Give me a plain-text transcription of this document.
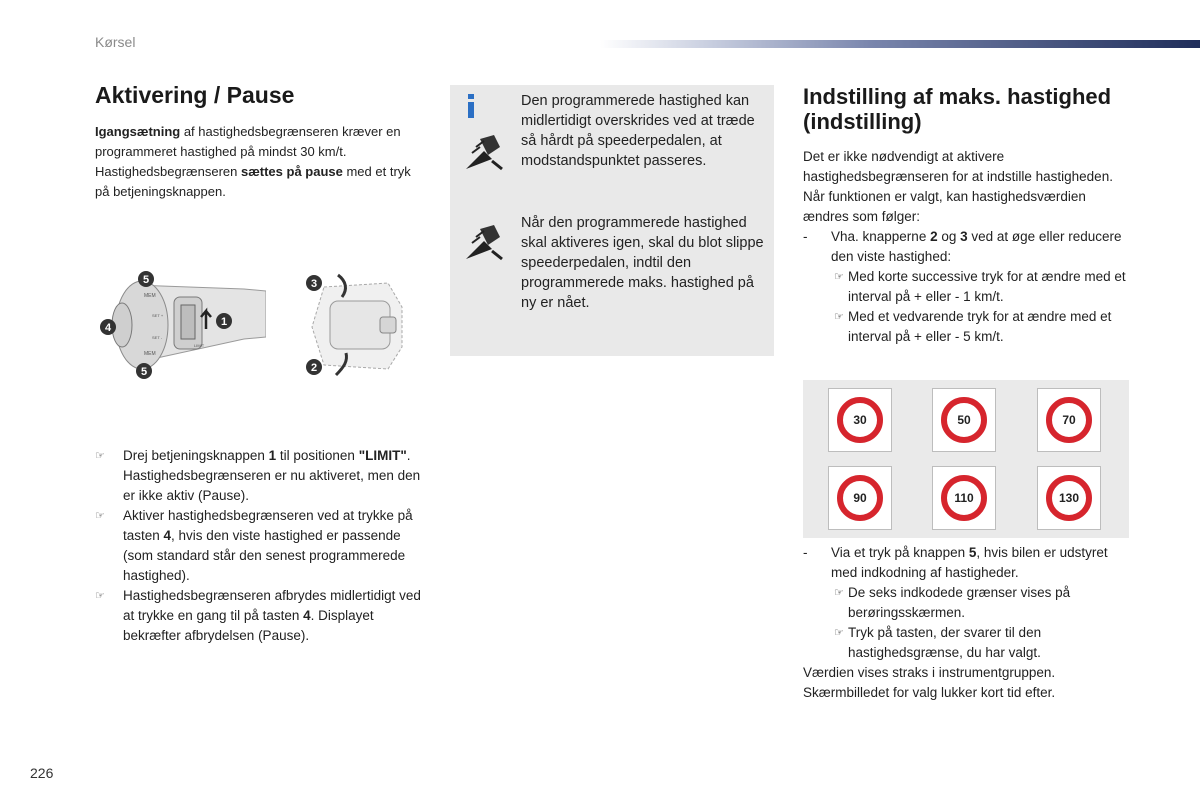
Kørsel
Aktivering / Pause
Igangsætning af hastighedsbegrænseren kræver en programmeret hastighed på mindst 30 km/t. Hastighedsbegrænseren sættes på pause med et tryk på betjeningsknappen.
MEM
SET +
SET -
MEM
LIMIT
5
4
5
1
3
2
☞ Drej betjeningsknappen 1 til positionen "LIMIT". Hastighedsbegrænseren er nu aktiveret, men den er ikke aktiv (Pause).
☞ Aktiver hastighedsbegrænseren ved at trykke på tasten 4, hvis den viste hastighed er passende (som standard står den senest programmerede hastighed).
☞ Hastighedsbegrænseren afbrydes midlertidigt ved at trykke en gang til på tasten 4. Displayet bekræfter afbrydelsen (Pause).
Den programmerede hastighed kan midlertidigt overskrides ved at træde så hårdt på speederpedalen, at modstandspunktet passeres.
Når den programmerede hastighed skal aktiveres igen, skal du blot slippe speederpedalen, indtil den programmerede maks. hastighed på ny er nået.
Indstilling af maks. hastighed (indstilling)
Det er ikke nødvendigt at aktivere hastighedsbegrænseren for at indstille hastigheden.
Når funktionen er valgt, kan hastighedsværdien ændres som følger:
- Vha. knapperne 2 og 3 ved at øge eller reducere den viste hastighed:
☞ Med korte successive tryk for at ændre med et interval på + eller - 1 km/t.
☞ Med et vedvarende tryk for at ændre med et interval på + eller - 5 km/t.
30	50	70
90	110	130
- Via et tryk på knappen 5, hvis bilen er udstyret med indkodning af hastigheder.
☞ De seks indkodede grænser vises på berøringsskærmen.
☞ Tryk på tasten, der svarer til den hastighedsgrænse, du har valgt.
Værdien vises straks i instrumentgruppen.
Skærmbilledet for valg lukker kort tid efter.
226
